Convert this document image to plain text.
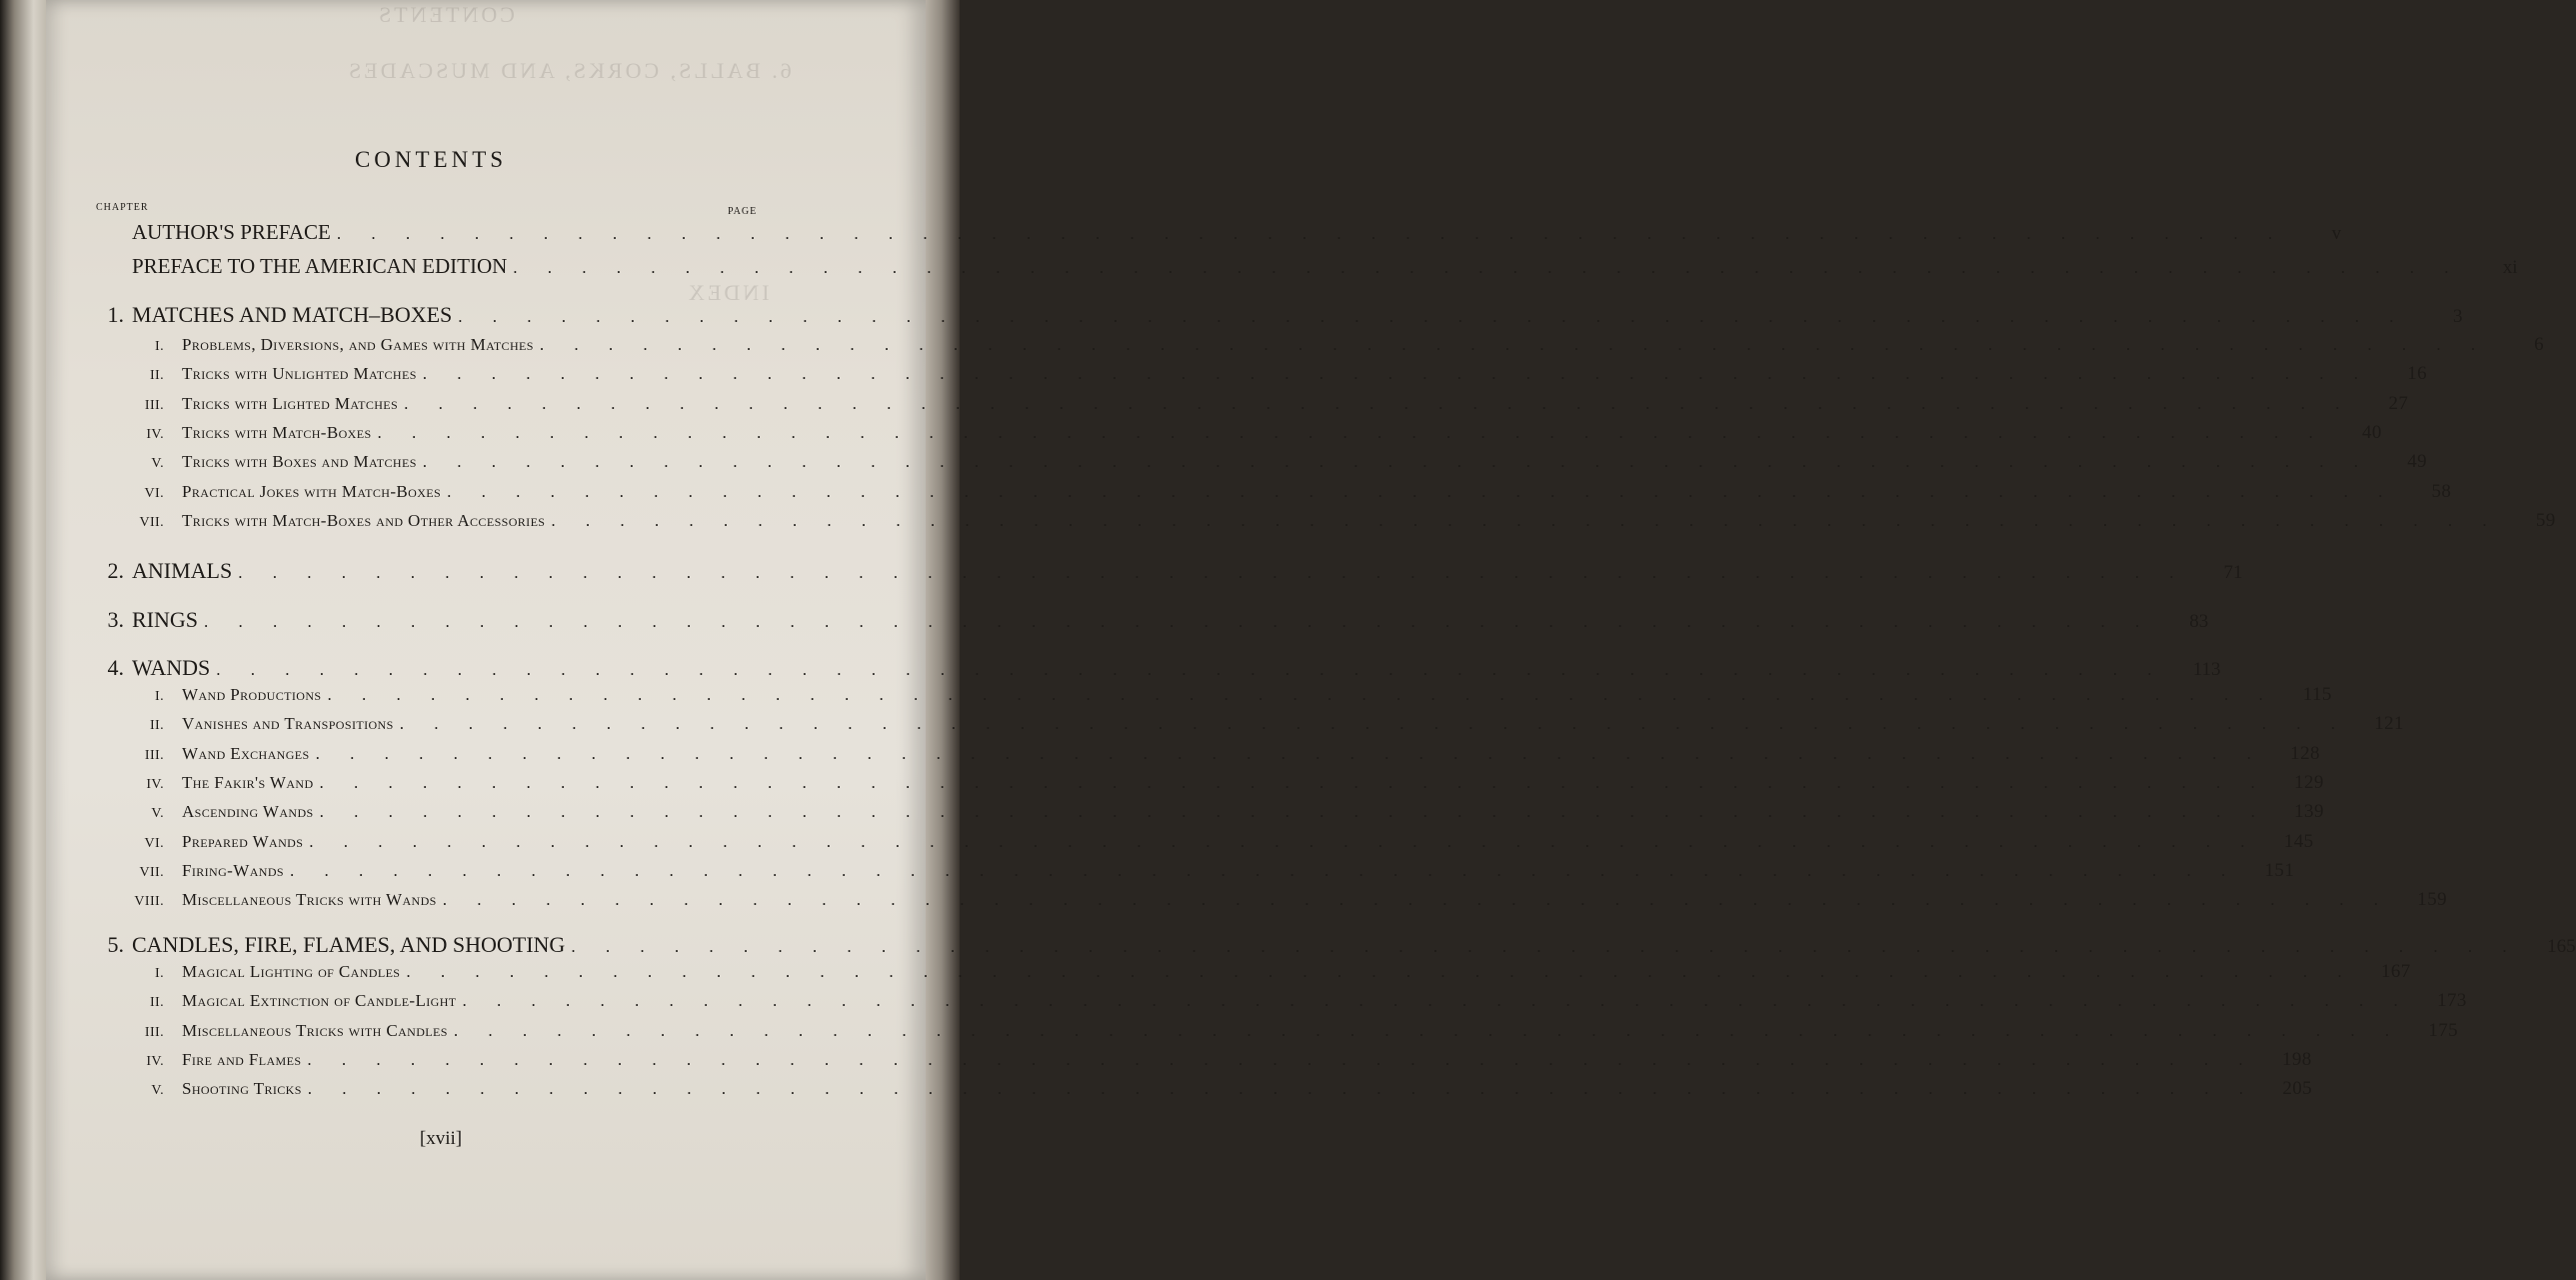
CONTENTS
6. BALLS, CORKS, AND MUSCADES
INDEX
CONTENTS
CHAPTER	PAGE
AUTHOR'S PREFACE . . . . . . . . . . . . . . . . . . . . . . . . . . . . . . . . . . . . . . . . . . . . . . . . . . . . . . . . .	v
PREFACE TO THE AMERICAN EDITION . . . . . . . . . . . . . . . . . . . . . . . . . . . . . . . . . . . . . . . . . . . . . . . . . . . . . . . . .	xi
1. MATCHES AND MATCH–BOXES . . . . . . . . . . . . . . . . . . . . . . . . . . . . . . . . . . . . . . . . . . . . . . . . . . . . . . . . .	3
I.	Problems, Diversions, and Games with Matches . . . . . . . . . . . . . . . . . . . . . . . . . . . . . . . . . . . . . . . . . . . . . . . . . . . . . . . . .	6
II.	Tricks with Unlighted Matches . . . . . . . . . . . . . . . . . . . . . . . . . . . . . . . . . . . . . . . . . . . . . . . . . . . . . . . . .	16
III.	Tricks with Lighted Matches . . . . . . . . . . . . . . . . . . . . . . . . . . . . . . . . . . . . . . . . . . . . . . . . . . . . . . . . .	27
IV.	Tricks with Match-Boxes . . . . . . . . . . . . . . . . . . . . . . . . . . . . . . . . . . . . . . . . . . . . . . . . . . . . . . . . .	40
V.	Tricks with Boxes and Matches . . . . . . . . . . . . . . . . . . . . . . . . . . . . . . . . . . . . . . . . . . . . . . . . . . . . . . . . .	49
VI.	Practical Jokes with Match-Boxes . . . . . . . . . . . . . . . . . . . . . . . . . . . . . . . . . . . . . . . . . . . . . . . . . . . . . . . . .	58
VII.	Tricks with Match-Boxes and Other Accessories . . . . . . . . . . . . . . . . . . . . . . . . . . . . . . . . . . . . . . . . . . . . . . . . . . . . . . . . .	59
2. ANIMALS . . . . . . . . . . . . . . . . . . . . . . . . . . . . . . . . . . . . . . . . . . . . . . . . . . . . . . . . .	71
3. RINGS . . . . . . . . . . . . . . . . . . . . . . . . . . . . . . . . . . . . . . . . . . . . . . . . . . . . . . . . .	83
4. WANDS . . . . . . . . . . . . . . . . . . . . . . . . . . . . . . . . . . . . . . . . . . . . . . . . . . . . . . . . .	113
I.	Wand Productions . . . . . . . . . . . . . . . . . . . . . . . . . . . . . . . . . . . . . . . . . . . . . . . . . . . . . . . . .	115
II.	Vanishes and Transpositions . . . . . . . . . . . . . . . . . . . . . . . . . . . . . . . . . . . . . . . . . . . . . . . . . . . . . . . . .	121
III.	Wand Exchanges . . . . . . . . . . . . . . . . . . . . . . . . . . . . . . . . . . . . . . . . . . . . . . . . . . . . . . . . .	128
IV.	The Fakir's Wand . . . . . . . . . . . . . . . . . . . . . . . . . . . . . . . . . . . . . . . . . . . . . . . . . . . . . . . . .	129
V.	Ascending Wands . . . . . . . . . . . . . . . . . . . . . . . . . . . . . . . . . . . . . . . . . . . . . . . . . . . . . . . . .	139
VI.	Prepared Wands . . . . . . . . . . . . . . . . . . . . . . . . . . . . . . . . . . . . . . . . . . . . . . . . . . . . . . . . .	145
VII.	Firing-Wands . . . . . . . . . . . . . . . . . . . . . . . . . . . . . . . . . . . . . . . . . . . . . . . . . . . . . . . . .	151
VIII.	Miscellaneous Tricks with Wands . . . . . . . . . . . . . . . . . . . . . . . . . . . . . . . . . . . . . . . . . . . . . . . . . . . . . . . . .	159
5. CANDLES, FIRE, FLAMES, AND SHOOTING . . . . . . . . . . . . . . . . . . . . . . . . . . . . . . . . . . . . . . . . . . . . . . . . . . . . . . . . .	165
I.	Magical Lighting of Candles . . . . . . . . . . . . . . . . . . . . . . . . . . . . . . . . . . . . . . . . . . . . . . . . . . . . . . . . .	167
II.	Magical Extinction of Candle-Light . . . . . . . . . . . . . . . . . . . . . . . . . . . . . . . . . . . . . . . . . . . . . . . . . . . . . . . . .	173
III.	Miscellaneous Tricks with Candles . . . . . . . . . . . . . . . . . . . . . . . . . . . . . . . . . . . . . . . . . . . . . . . . . . . . . . . . .	175
IV.	Fire and Flames . . . . . . . . . . . . . . . . . . . . . . . . . . . . . . . . . . . . . . . . . . . . . . . . . . . . . . . . .	198
V.	Shooting Tricks . . . . . . . . . . . . . . . . . . . . . . . . . . . . . . . . . . . . . . . . . . . . . . . . . . . . . . . . .	205
[xvii]
